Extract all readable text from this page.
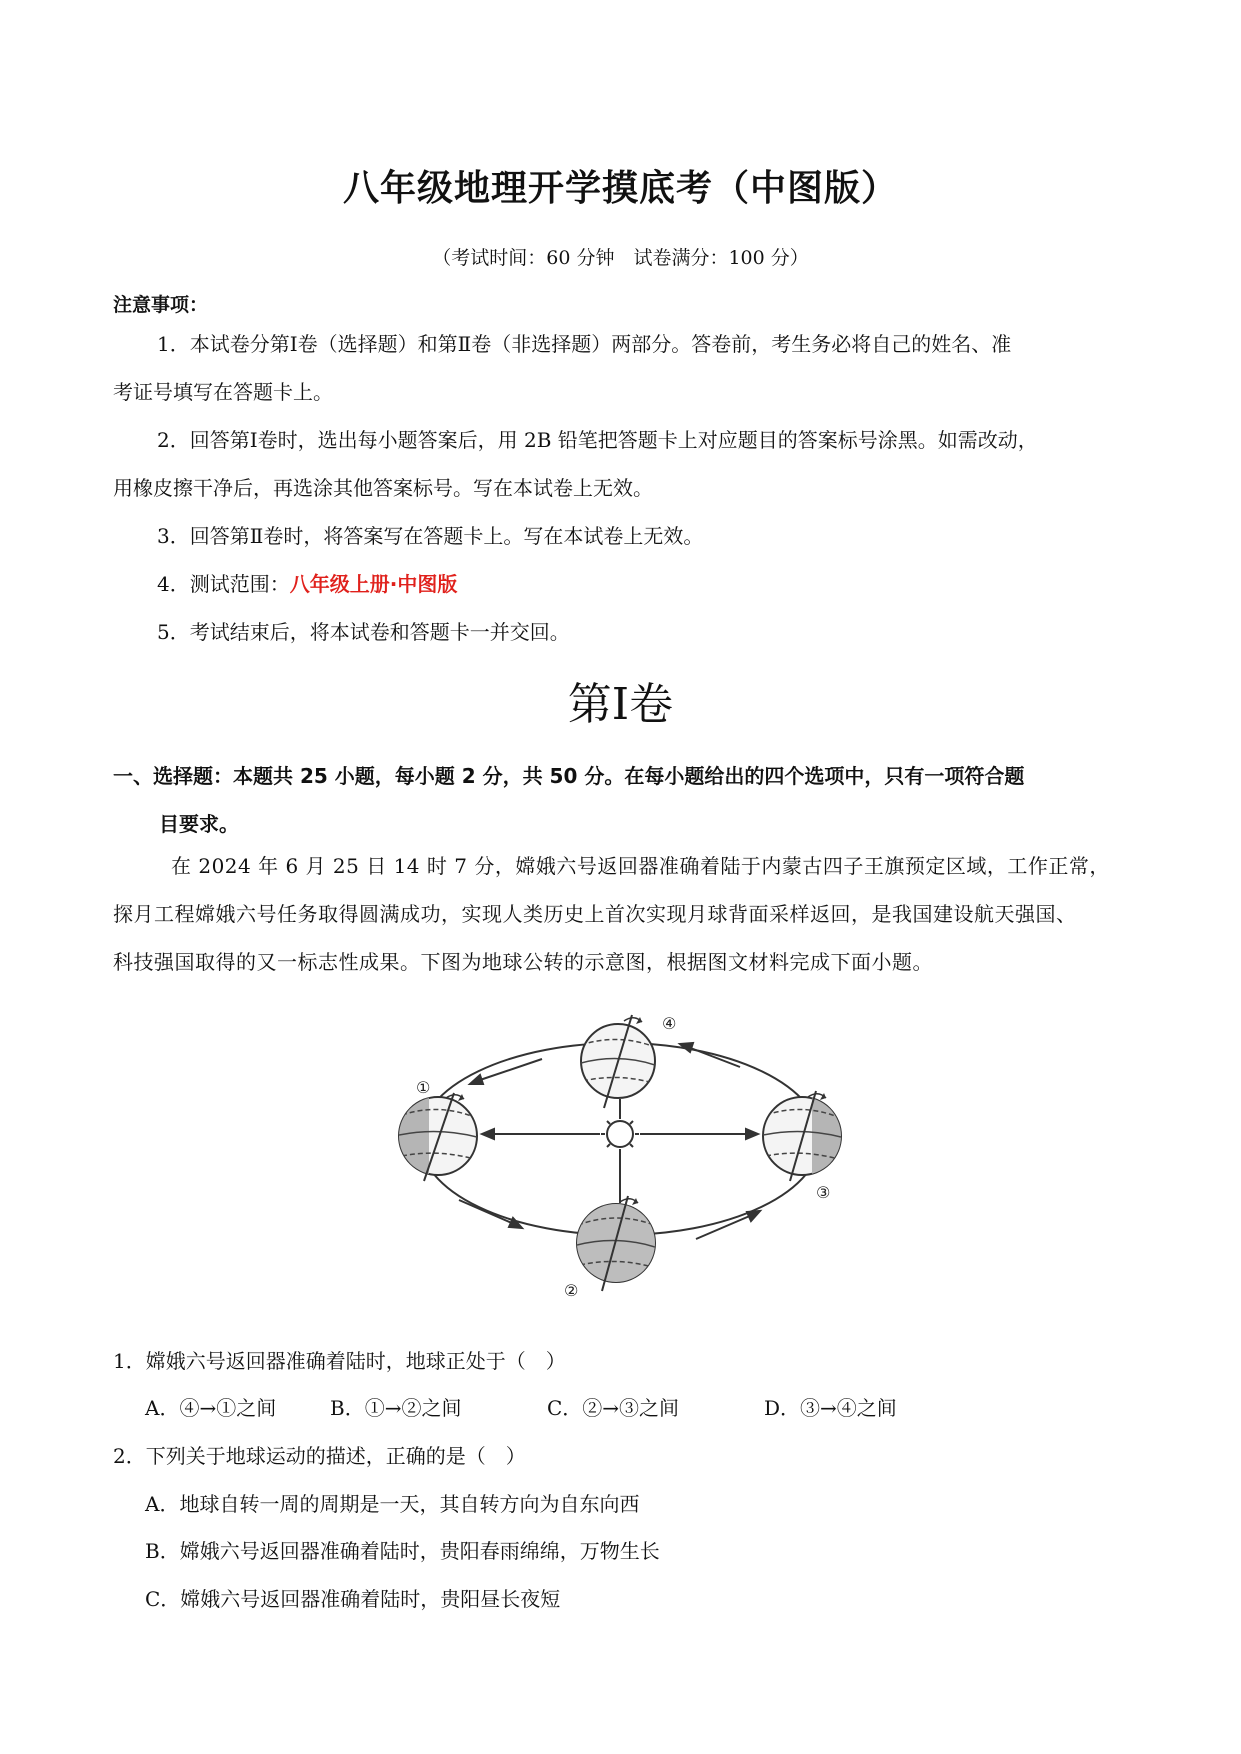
八年级地理开学摸底考（中图版）
（考试时间：60 分钟　试卷满分：100 分）
注意事项：
1．本试卷分第Ⅰ卷（选择题）和第Ⅱ卷（非选择题）两部分。答卷前，考生务必将自己的姓名、准
考证号填写在答题卡上。
2．回答第Ⅰ卷时，选出每小题答案后，用 2B 铅笔把答题卡上对应题目的答案标号涂黑。如需改动，
用橡皮擦干净后，再选涂其他答案标号。写在本试卷上无效。
3．回答第Ⅱ卷时，将答案写在答题卡上。写在本试卷上无效。
4．测试范围：八年级上册·中图版
5．考试结束后，将本试卷和答题卡一并交回。
第Ⅰ卷
一、选择题：本题共 25 小题，每小题 2 分，共 50 分。在每小题给出的四个选项中，只有一项符合题
目要求。
在 2024 年 6 月 25 日 14 时 7 分，嫦娥六号返回器准确着陆于内蒙古四子王旗预定区域，工作正常，
探月工程嫦娥六号任务取得圆满成功，实现人类历史上首次实现月球背面采样返回，是我国建设航天强国、
科技强国取得的又一标志性成果。下图为地球公转的示意图，根据图文材料完成下面小题。
①
②
③
④
1．嫦娥六号返回器准确着陆时，地球正处于（　）
A．④→①之间	B．①→②之间	C．②→③之间	D．③→④之间
2．下列关于地球运动的描述，正确的是（　）
A．地球自转一周的周期是一天，其自转方向为自东向西
B．嫦娥六号返回器准确着陆时，贵阳春雨绵绵，万物生长
C．嫦娥六号返回器准确着陆时，贵阳昼长夜短
